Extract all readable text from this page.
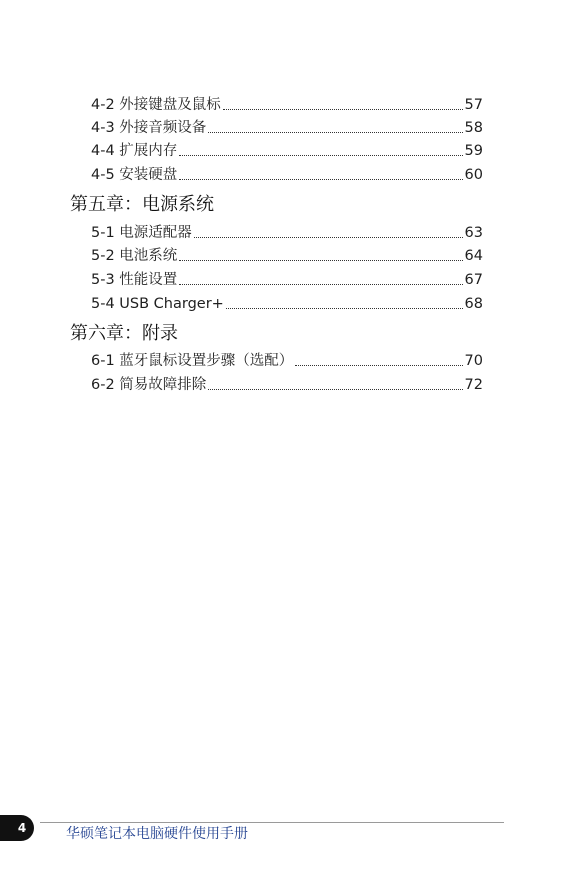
4-2 外接键盘及鼠标	57
4-3 外接音频设备	58
4-4 扩展内存	59
4-5 安装硬盘	60
第五章：电源系统
5-1 电源适配器	63
5-2 电池系统	64
5-3 性能设置	67
5-4 USB Charger+	68
第六章：附录
6-1 蓝牙鼠标设置步骤（选配）	70
6-2 简易故障排除	72
4	华硕笔记本电脑硬件使用手册
